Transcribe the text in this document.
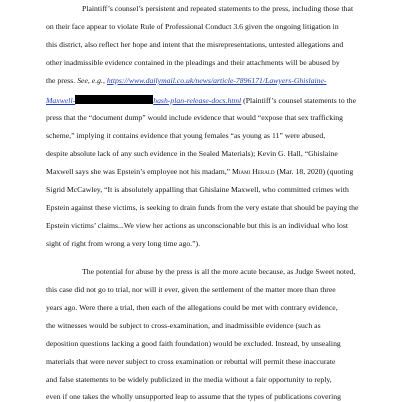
Plaintiff’s counsel’s persistent and repeated statements to the press, including those that
on their face appear to violate Rule of Professional Conduct 3.6 given the ongoing litigation in
this district, also reflect her hope and intent that the misrepresentations, untested allegations and
other inadmissible evidence contained in the pleadings and their attachments will be abused by
the press. See, e.g., https://www.dailymail.co.uk/news/article-7896171/Lawyers-Ghislaine-
Maxwell-	hash-plan-release-docs.html (Plaintiff’s counsel statements to the
press that the “document dump” would include evidence that would “expose that sex trafficking
scheme,” implying it contains evidence that young females “as young as 11” were abused,
despite absolute lack of any such evidence in the Sealed Materials); Kevin G. Hall, “Ghislaine
Maxwell says she was Epstein’s employee not his madam,” Miami Herald (Mar. 18, 2020) (quoting
Sigrid McCawley, “It is absolutely appalling that Ghislaine Maxwell, who committed crimes with
Epstein against these victims, is seeking to drain funds from the very estate that should be paying the
Epstein victims’ claims...We view her actions as unconscionable but this is an individual who lost
sight of right from wrong a very long time ago.”).
The potential for abuse by the press is all the more acute because, as Judge Sweet noted,
this case did not go to trial, nor will it ever, given the settlement of the matter more than three
years ago. Were there a trial, then each of the allegations could be met with contrary evidence,
the witnesses would be subject to cross-examination, and inadmissible evidence (such as
deposition questions lacking a good faith foundation) would be excluded. Instead, by unsealing
materials that were never subject to cross examination or rebuttal will permit these inaccurate
and false statements to be widely publicized in the media without a fair opportunity to reply,
even if one takes the wholly unsupported leap to assume that the types of publications covering
